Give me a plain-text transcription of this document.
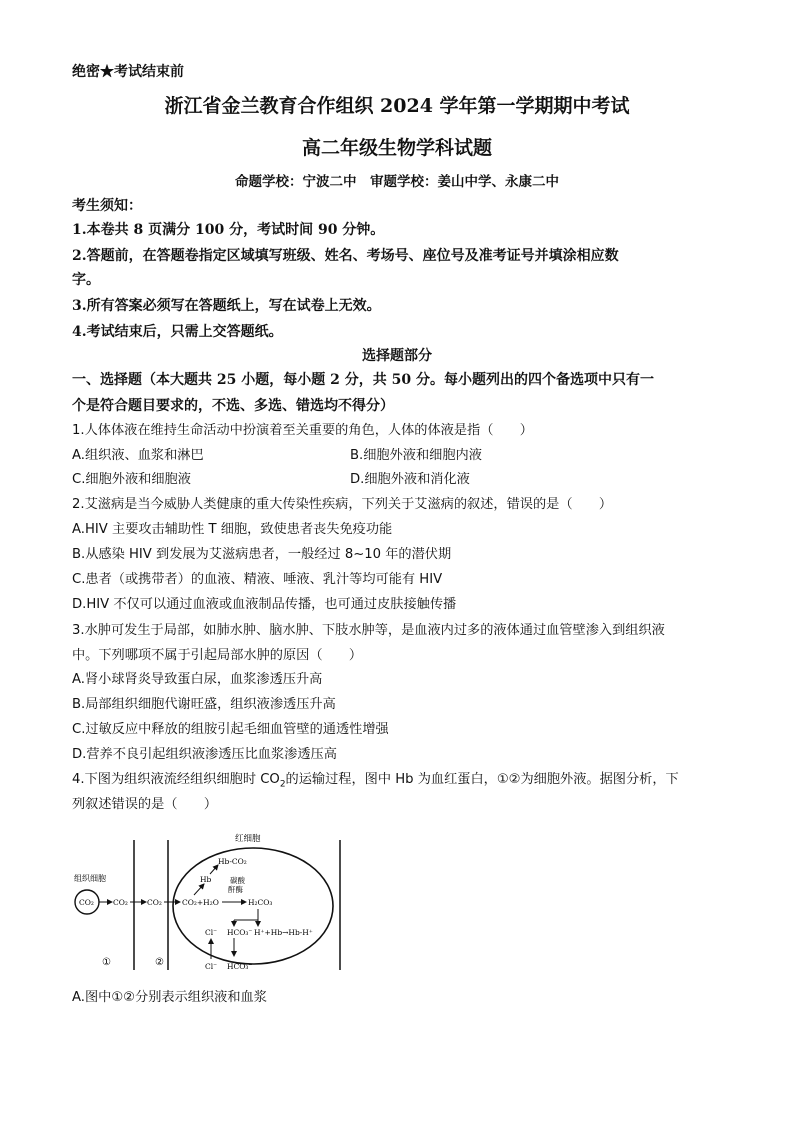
绝密★考试结束前
浙江省金兰教育合作组织 2024 学年第一学期期中考试
高二年级生物学科试题
命题学校：宁波二中　审题学校：姜山中学、永康二中
考生须知：
1.本卷共 8 页满分 100 分，考试时间 90 分钟。
2.答题前，在答题卷指定区域填写班级、姓名、考场号、座位号及准考证号并填涂相应数
字。
3.所有答案必须写在答题纸上，写在试卷上无效。
4.考试结束后，只需上交答题纸。
选择题部分
一、选择题（本大题共 25 小题，每小题 2 分，共 50 分。每小题列出的四个备选项中只有一
个是符合题目要求的，不选、多选、错选均不得分）
1.人体体液在维持生命活动中扮演着至关重要的角色，人体的体液是指（　　）
A.组织液、血浆和淋巴	B.细胞外液和细胞内液
C.细胞外液和细胞液	D.细胞外液和消化液
2.艾滋病是当今威胁人类健康的重大传染性疾病，下列关于艾滋病的叙述，错误的是（　　）
A.HIV 主要攻击辅助性 T 细胞，致使患者丧失免疫功能
B.从感染 HIV 到发展为艾滋病患者，一般经过 8~10 年的潜伏期
C.患者（或携带者）的血液、精液、唾液、乳汁等均可能有 HIV
D.HIV 不仅可以通过血液或血液制品传播，也可通过皮肤接触传播
3.水肿可发生于局部，如肺水肿、脑水肿、下肢水肿等，是血液内过多的液体通过血管壁渗入到组织液
中。下列哪项不属于引起局部水肿的原因（　　）
A.肾小球肾炎导致蛋白尿，血浆渗透压升高
B.局部组织细胞代谢旺盛，组织液渗透压升高
C.过敏反应中释放的组胺引起毛细血管壁的通透性增强
D.营养不良引起组织液渗透压比血浆渗透压高
4.下图为组织液流经组织细胞时 $CO_2$的运输过程，图中 Hb 为血红蛋白，①②为细胞外液。据图分析，下
列叙述错误的是（　　）
红细胞
组织细胞
CO₂	CO₂	CO₂	CO₂+H₂O
Hb
Hb-CO₂
碳酸
酐酶
H₂CO₃
HCO₃⁻ H⁺+Hb→Hb-H⁺
Cl⁻
Cl⁻ HCO₃⁻
①	②
A.图中①②分别表示组织液和血浆
